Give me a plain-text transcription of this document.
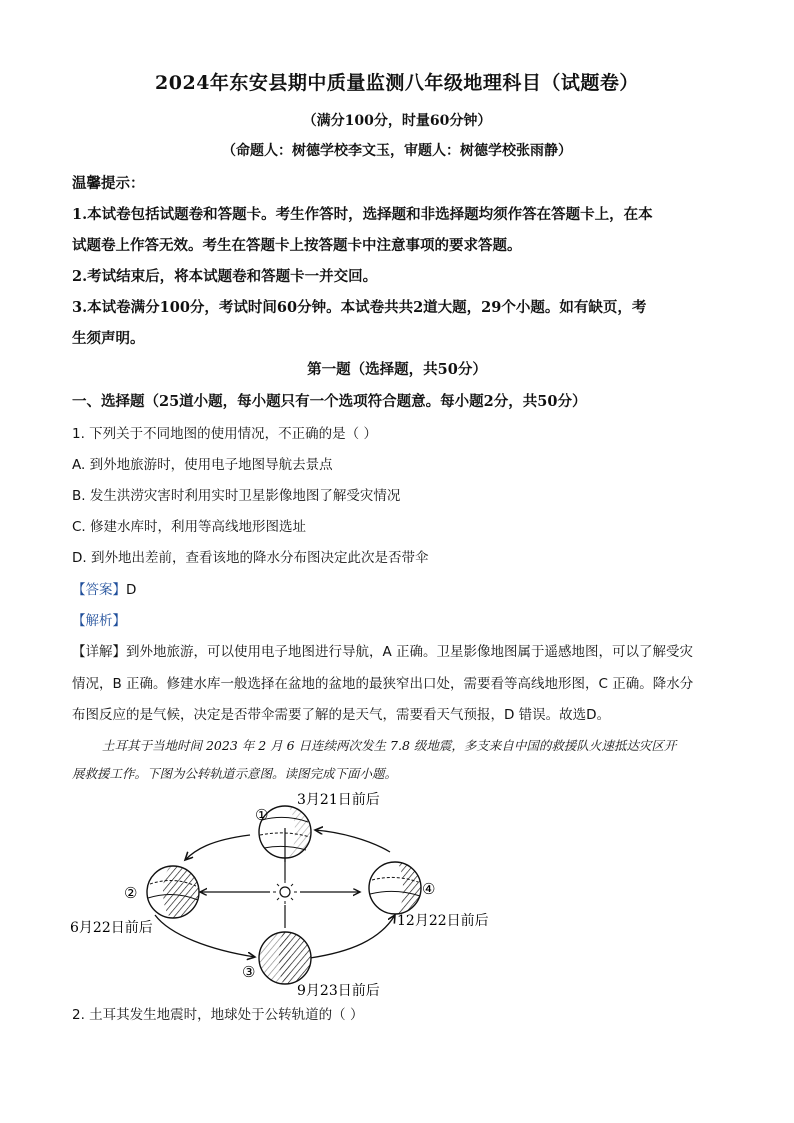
2024年东安县期中质量监测八年级地理科目（试题卷）
（满分100分，时量60分钟）
（命题人：树德学校李文玉，审题人：树德学校张雨静）
温馨提示：
1.本试卷包括试题卷和答题卡。考生作答时，选择题和非选择题均须作答在答题卡上，在本
试题卷上作答无效。考生在答题卡上按答题卡中注意事项的要求答题。
2.考试结束后，将本试题卷和答题卡一并交回。
3.本试卷满分100分，考试时间60分钟。本试卷共共2道大题，29个小题。如有缺页，考
生须声明。
第一题（选择题，共50分）
一、选择题（25道小题，每小题只有一个选项符合题意。每小题2分，共50分）
1. 下列关于不同地图的使用情况，不正确的是（ ）
A. 到外地旅游时，使用电子地图导航去景点
B. 发生洪涝灾害时利用实时卫星影像地图了解受灾情况
C. 修建水库时，利用等高线地形图选址
D. 到外地出差前，查看该地的降水分布图决定此次是否带伞
【答案】D
【解析】
【详解】到外地旅游，可以使用电子地图进行导航，A 正确。卫星影像地图属于遥感地图，可以了解受灾
情况，B 正确。修建水库一般选择在盆地的盆地的最狭窄出口处，需要看等高线地形图，C 正确。降水分
布图反应的是气候，决定是否带伞需要了解的是天气，需要看天气预报，D 错误。故选D。
土耳其于当地时间 2023 年 2 月 6 日连续两次发生 7.8 级地震，多支来自中国的救援队火速抵达灾区开
展救援工作。下图为公转轨道示意图。读图完成下面小题。
①
3月21日前后
②
6月22日前后
③
9月23日前后
④
12月22日前后
2. 土耳其发生地震时，地球处于公转轨道的（ ）
